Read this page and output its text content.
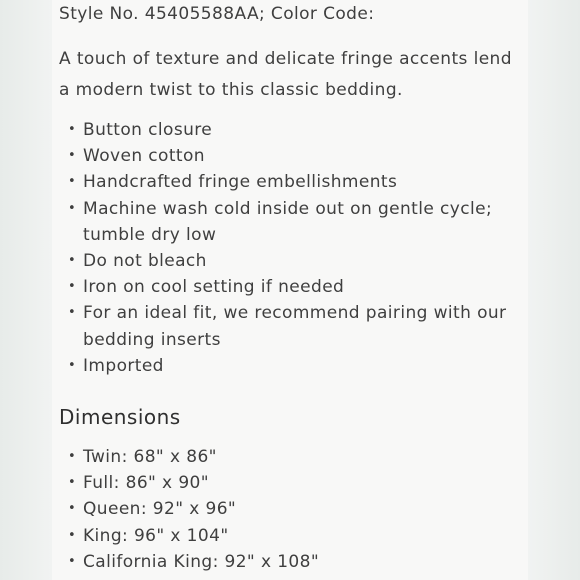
Style No. 45405588AA; Color Code:

A touch of texture and delicate fringe accents lend a modern twist to this classic bedding.

• Button closure
• Woven cotton
• Handcrafted fringe embellishments
• Machine wash cold inside out on gentle cycle; tumble dry low
• Do not bleach
• Iron on cool setting if needed
• For an ideal fit, we recommend pairing with our bedding inserts
• Imported
Dimensions
• Twin: 68" x 86"
• Full: 86" x 90"
• Queen: 92" x 96"
• King: 96" x 104"
• California King: 92" x 108"
